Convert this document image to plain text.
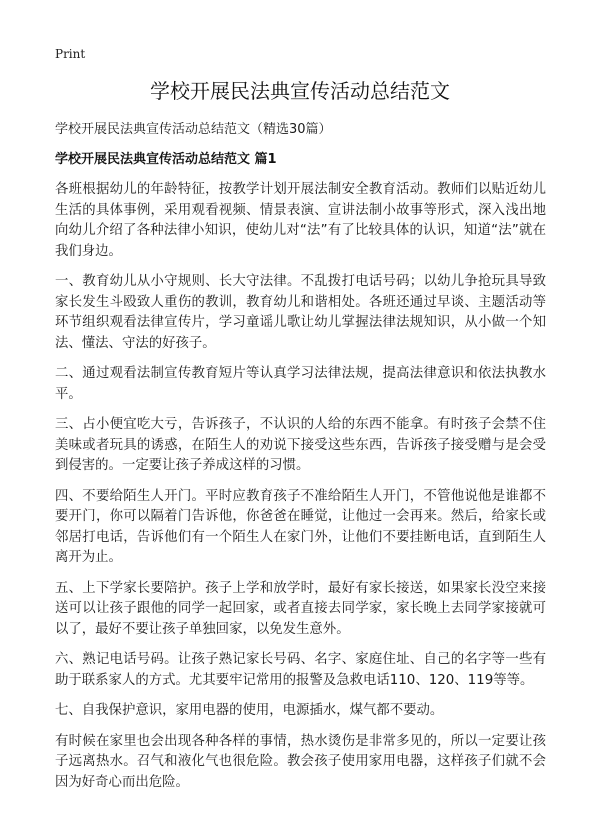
Print
学校开展民法典宣传活动总结范文

学校开展民法典宣传活动总结范文（精选30篇）

学校开展民法典宣传活动总结范文 篇1

各班根据幼儿的年龄特征，按教学计划开展法制安全教育活动。教师们以贴近幼儿生活的具体事例，采用观看视频、情景表演、宣讲法制小故事等形式，深入浅出地向幼儿介绍了各种法律小知识，使幼儿对“法”有了比较具体的认识，知道“法”就在我们身边。

一、教育幼儿从小守规则、长大守法律。不乱拨打电话号码；以幼儿争抢玩具导致家长发生斗殴致人重伤的教训，教育幼儿和谐相处。各班还通过早谈、主题活动等环节组织观看法律宣传片，学习童谣儿歌让幼儿掌握法律法规知识，从小做一个知法、懂法、守法的好孩子。

二、通过观看法制宣传教育短片等认真学习法律法规，提高法律意识和依法执教水平。

三、占小便宜吃大亏，告诉孩子，不认识的人给的东西不能拿。有时孩子会禁不住美味或者玩具的诱惑，在陌生人的劝说下接受这些东西，告诉孩子接受赠与是会受到侵害的。一定要让孩子养成这样的习惯。

四、不要给陌生人开门。平时应教育孩子不准给陌生人开门，不管他说他是谁都不要开门，你可以隔着门告诉他，你爸爸在睡觉，让他过一会再来。然后，给家长或邻居打电话，告诉他们有一个陌生人在家门外，让他们不要挂断电话，直到陌生人离开为止。

五、上下学家长要陪护。孩子上学和放学时，最好有家长接送，如果家长没空来接送可以让孩子跟他的同学一起回家，或者直接去同学家，家长晚上去同学家接就可以了，最好不要让孩子单独回家，以免发生意外。

六、熟记电话号码。让孩子熟记家长号码、名字、家庭住址、自己的名字等一些有助于联系家人的方式。尤其要牢记常用的报警及急救电话110、120、119等等。

七、自我保护意识，家用电器的使用，电源插水，煤气都不要动。

有时候在家里也会出现各种各样的事情，热水烫伤是非常多见的，所以一定要让孩子远离热水。召气和液化气也很危险。教会孩子使用家用电器，这样孩子们就不会因为好奇心而出危险。
